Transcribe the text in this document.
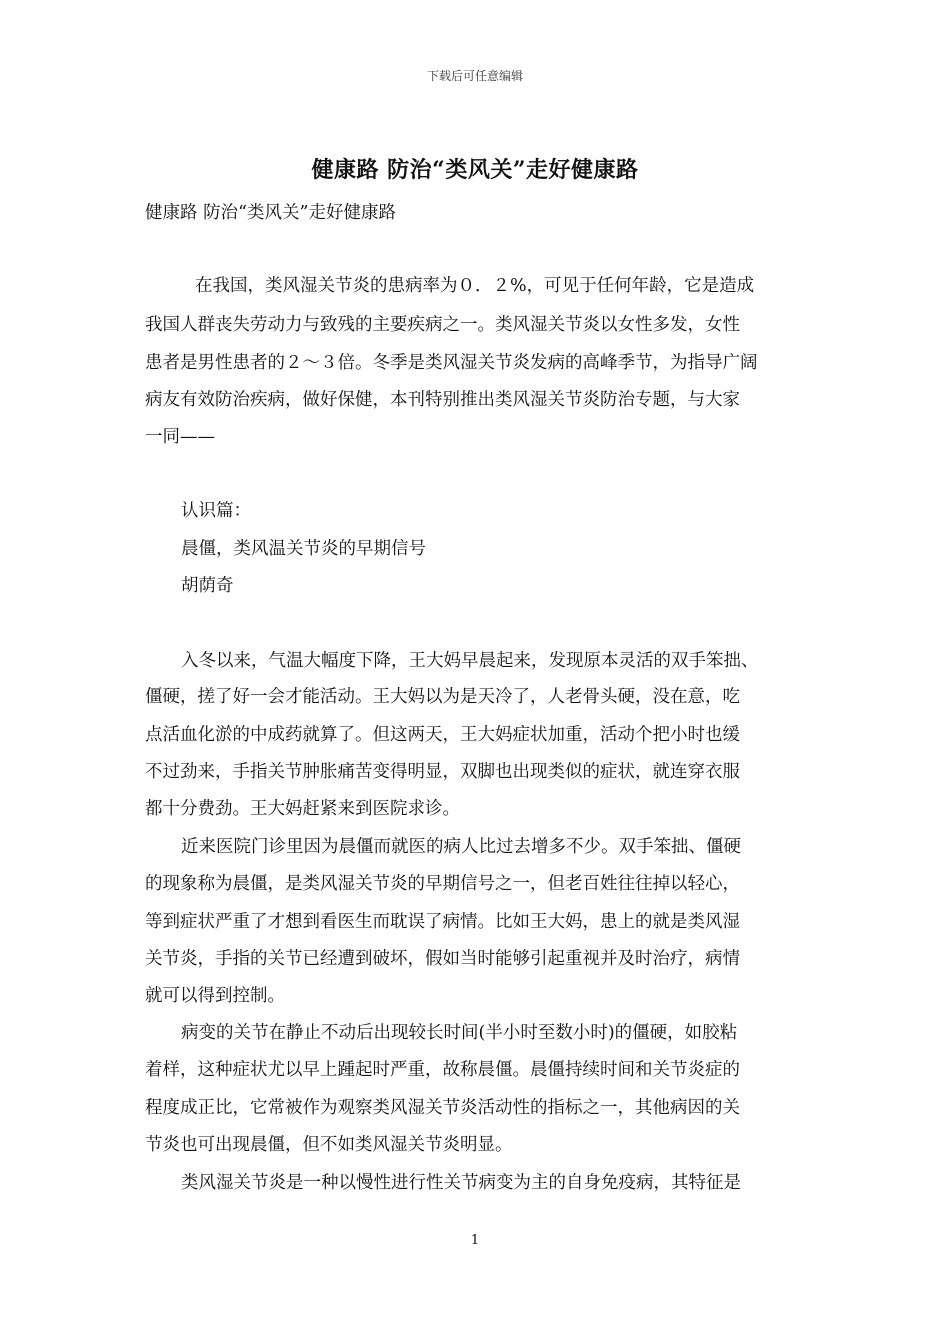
下载后可任意编辑
健康路 防治“类风关”走好健康路
健康路 防治“类风关”走好健康路
在我国，类风湿关节炎的患病率为０．２%，可见于任何年龄，它是造成
我国人群丧失劳动力与致残的主要疾病之一。类风湿关节炎以女性多发，女性
患者是男性患者的２～３倍。冬季是类风湿关节炎发病的高峰季节，为指导广阔
病友有效防治疾病，做好保健，本刊特别推出类风湿关节炎防治专题，与大家
一同——
认识篇：
晨僵，类风温关节炎的早期信号
胡荫奇
入冬以来，气温大幅度下降，王大妈早晨起来，发现原本灵活的双手笨拙、
僵硬，搓了好一会才能活动。王大妈以为是天冷了，人老骨头硬，没在意，吃
点活血化淤的中成药就算了。但这两天，王大妈症状加重，活动个把小时也缓
不过劲来，手指关节肿胀痛苦变得明显，双脚也出现类似的症状，就连穿衣服
都十分费劲。王大妈赶紧来到医院求诊。
近来医院门诊里因为晨僵而就医的病人比过去增多不少。双手笨拙、僵硬
的现象称为晨僵，是类风湿关节炎的早期信号之一，但老百姓往往掉以轻心，
等到症状严重了才想到看医生而耽误了病情。比如王大妈，患上的就是类风湿
关节炎，手指的关节已经遭到破坏，假如当时能够引起重视并及时治疗，病情
就可以得到控制。
病变的关节在静止不动后出现较长时间(半小时至数小时)的僵硬，如胶粘
着样，这种症状尤以早上踵起时严重，故称晨僵。晨僵持续时间和关节炎症的
程度成正比，它常被作为观察类风湿关节炎活动性的指标之一，其他病因的关
节炎也可出现晨僵，但不如类风湿关节炎明显。
类风湿关节炎是一种以慢性进行性关节病变为主的自身免疫病，其特征是
1
